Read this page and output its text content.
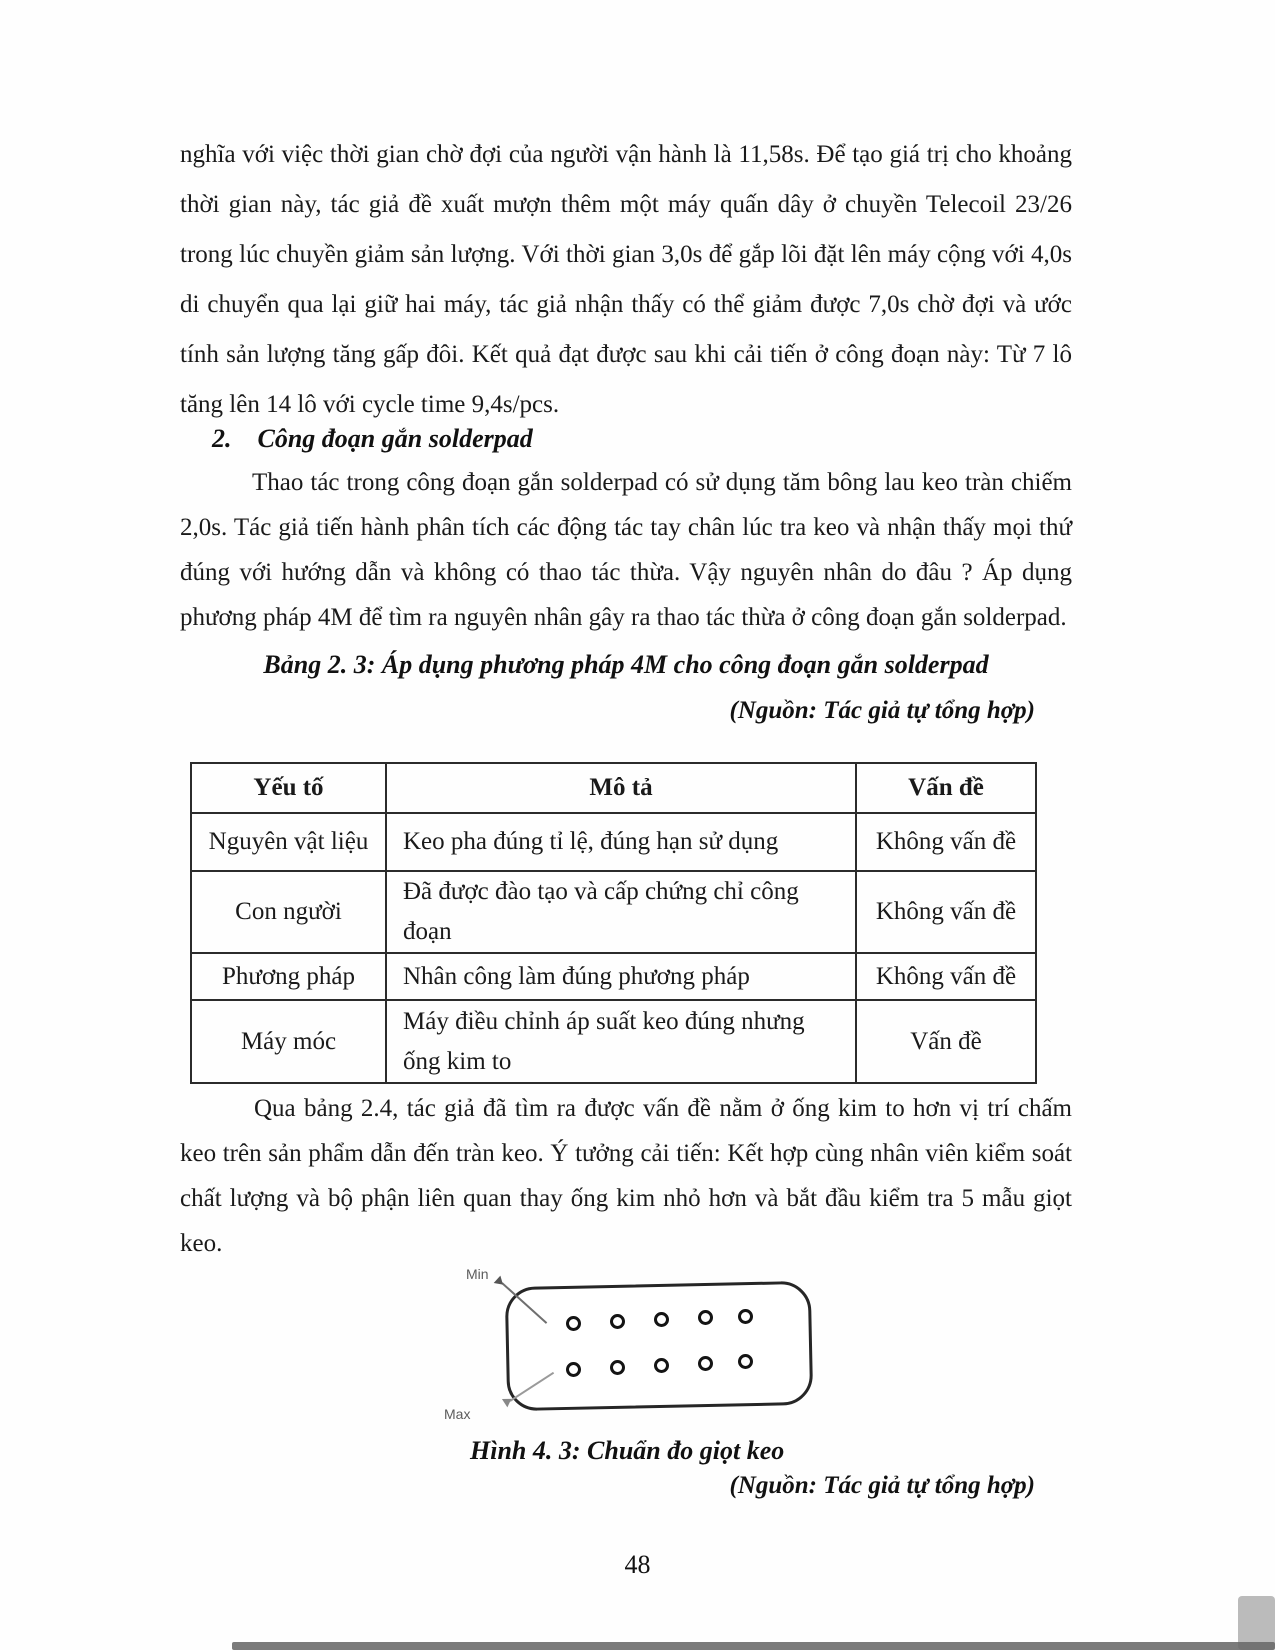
nghĩa với việc thời gian chờ đợi của người vận hành là 11,58s. Để tạo giá trị cho khoảng thời gian này, tác giả đề xuất mượn thêm một máy quấn dây ở chuyền Telecoil 23/26 trong lúc chuyền giảm sản lượng. Với thời gian 3,0s để gắp lõi đặt lên máy cộng với 4,0s di chuyển qua lại giữ hai máy, tác giả nhận thấy có thể giảm được 7,0s chờ đợi và ước tính sản lượng tăng gấp đôi. Kết quả đạt được sau khi cải tiến ở công đoạn này: Từ 7 lô tăng lên 14 lô với cycle time 9,4s/pcs.

2. Công đoạn gắn solderpad

Thao tác trong công đoạn gắn solderpad có sử dụng tăm bông lau keo tràn chiếm 2,0s. Tác giả tiến hành phân tích các động tác tay chân lúc tra keo và nhận thấy mọi thứ đúng với hướng dẫn và không có thao tác thừa. Vậy nguyên nhân do đâu ? Áp dụng phương pháp 4M để tìm ra nguyên nhân gây ra thao tác thừa ở công đoạn gắn solderpad.

Bảng 2. 3: Áp dụng phương pháp 4M cho công đoạn gắn solderpad
(Nguồn: Tác giả tự tổng hợp)
Yếu tố	Mô tả	Vấn đề
Nguyên vật liệu	Keo pha đúng tỉ lệ, đúng hạn sử dụng	Không vấn đề
Con người	Đã được đào tạo và cấp chứng chỉ công đoạn	Không vấn đề
Phương pháp	Nhân công làm đúng phương pháp	Không vấn đề
Máy móc	Máy điều chỉnh áp suất keo đúng nhưng ống kim to	Vấn đề

Qua bảng 2.4, tác giả đã tìm ra được vấn đề nằm ở ống kim to hơn vị trí chấm keo trên sản phẩm dẫn đến tràn keo. Ý tưởng cải tiến: Kết hợp cùng nhân viên kiểm soát chất lượng và bộ phận liên quan thay ống kim nhỏ hơn và bắt đầu kiểm tra 5 mẫu giọt keo.

Min
Max
Hình 4. 3: Chuẩn đo giọt keo
(Nguồn: Tác giả tự tổng hợp)
48
